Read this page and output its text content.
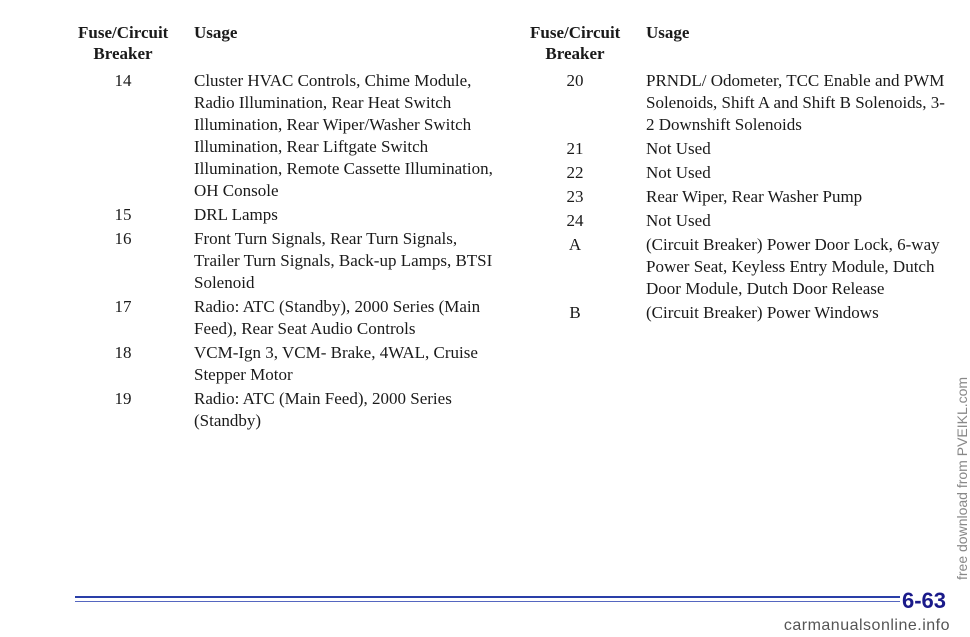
Fuse/Circuit
Breaker
Usage
14	Cluster HVAC Controls, Chime Module, Radio Illumination, Rear Heat Switch Illumination, Rear Wiper/Washer Switch Illumination, Rear Liftgate Switch Illumination, Remote Cassette Illumination, OH Console
15	DRL Lamps
16	Front Turn Signals, Rear Turn Signals, Trailer Turn Signals, Back-up Lamps, BTSI Solenoid
17	Radio: ATC (Standby), 2000 Series (Main Feed), Rear Seat Audio Controls
18	VCM-Ign 3, VCM- Brake, 4WAL, Cruise Stepper Motor
19	Radio: ATC (Main Feed), 2000 Series (Standby)
Fuse/Circuit
Breaker
Usage
20	PRNDL/ Odometer, TCC Enable and PWM Solenoids, Shift A and Shift B Solenoids, 3-2 Downshift Solenoids
21	Not Used
22	Not Used
23	Rear Wiper, Rear Washer Pump
24	Not Used
A	(Circuit Breaker) Power Door Lock, 6-way Power Seat, Keyless Entry Module, Dutch Door Module, Dutch Door Release
B	(Circuit Breaker) Power Windows
6-63
free download from PVEIKL.com
carmanualsonline.info
